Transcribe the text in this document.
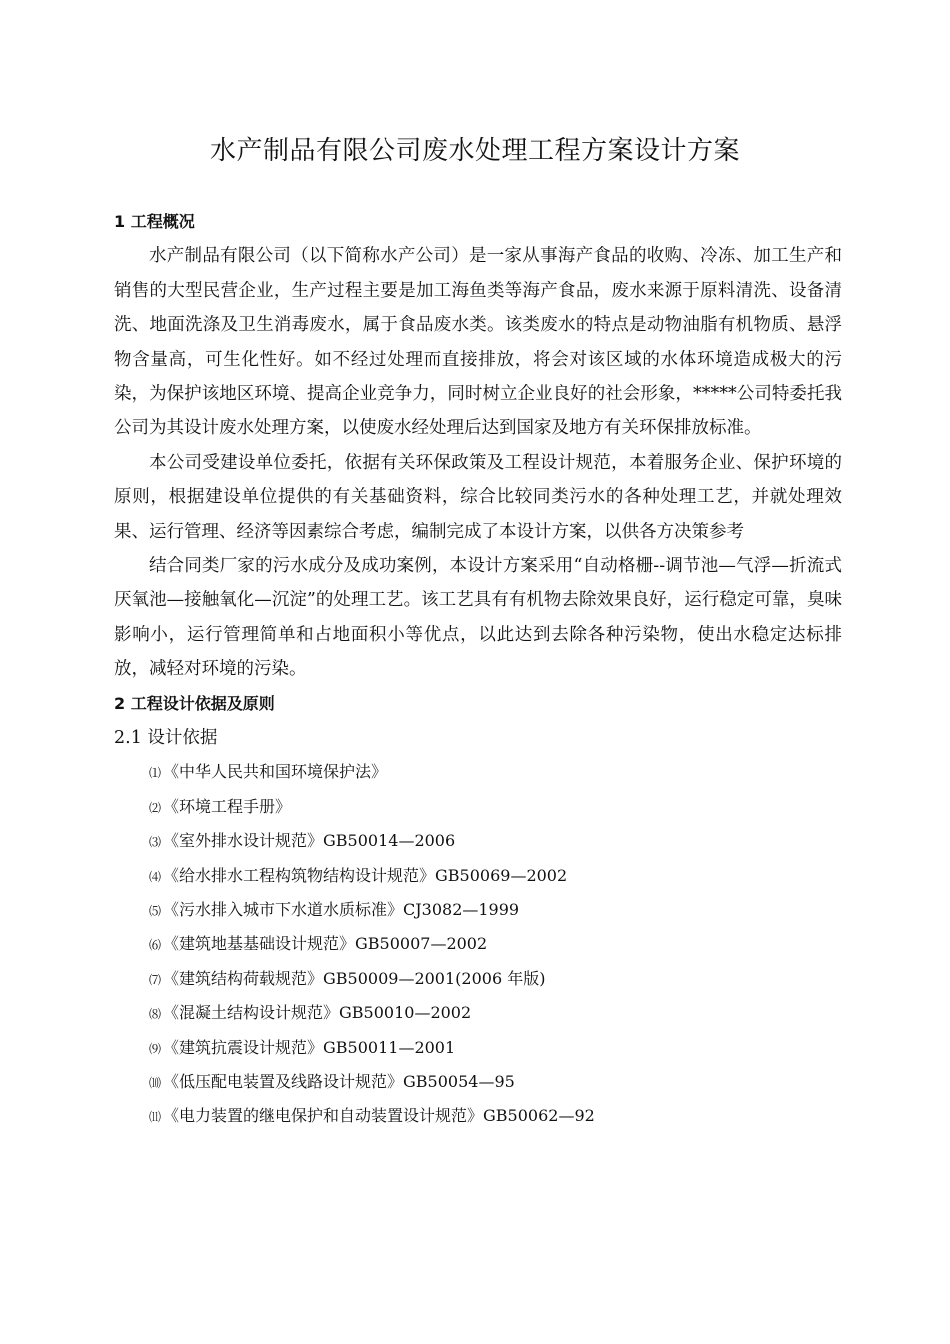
水产制品有限公司废水处理工程方案设计方案
1 工程概况

水产制品有限公司（以下简称水产公司）是一家从事海产食品的收购、冷冻、加工生产和销售的大型民营企业，生产过程主要是加工海鱼类等海产食品，废水来源于原料清洗、设备清洗、地面洗涤及卫生消毒废水，属于食品废水类。该类废水的特点是动物油脂有机物质、悬浮物含量高，可生化性好。如不经过处理而直接排放，将会对该区域的水体环境造成极大的污染，为保护该地区环境、提高企业竞争力，同时树立企业良好的社会形象，*****公司特委托我公司为其设计废水处理方案，以使废水经处理后达到国家及地方有关环保排放标准。

本公司受建设单位委托，依据有关环保政策及工程设计规范，本着服务企业、保护环境的原则，根据建设单位提供的有关基础资料，综合比较同类污水的各种处理工艺，并就处理效果、运行管理、经济等因素综合考虑，编制完成了本设计方案，以供各方决策参考

结合同类厂家的污水成分及成功案例，本设计方案采用“自动格栅--调节池—气浮—折流式厌氧池—接触氧化—沉淀”的处理工艺。该工艺具有有机物去除效果良好，运行稳定可靠，臭味影响小，运行管理简单和占地面积小等优点，以此达到去除各种污染物，使出水稳定达标排放，减轻对环境的污染。

2 工程设计依据及原则
2.1 设计依据
⑴ 《中华人民共和国环境保护法》
⑵ 《环境工程手册》
⑶ 《室外排水设计规范》GB50014—2006
⑷ 《给水排水工程构筑物结构设计规范》GB50069—2002
⑸ 《污水排入城市下水道水质标准》CJ3082—1999
⑹ 《建筑地基基础设计规范》GB50007—2002
⑺ 《建筑结构荷载规范》GB50009—2001(2006 年版)
⑻ 《混凝土结构设计规范》GB50010—2002
⑼ 《建筑抗震设计规范》GB50011—2001
⑽ 《低压配电装置及线路设计规范》GB50054—95
⑾ 《电力装置的继电保护和自动装置设计规范》GB50062—92
